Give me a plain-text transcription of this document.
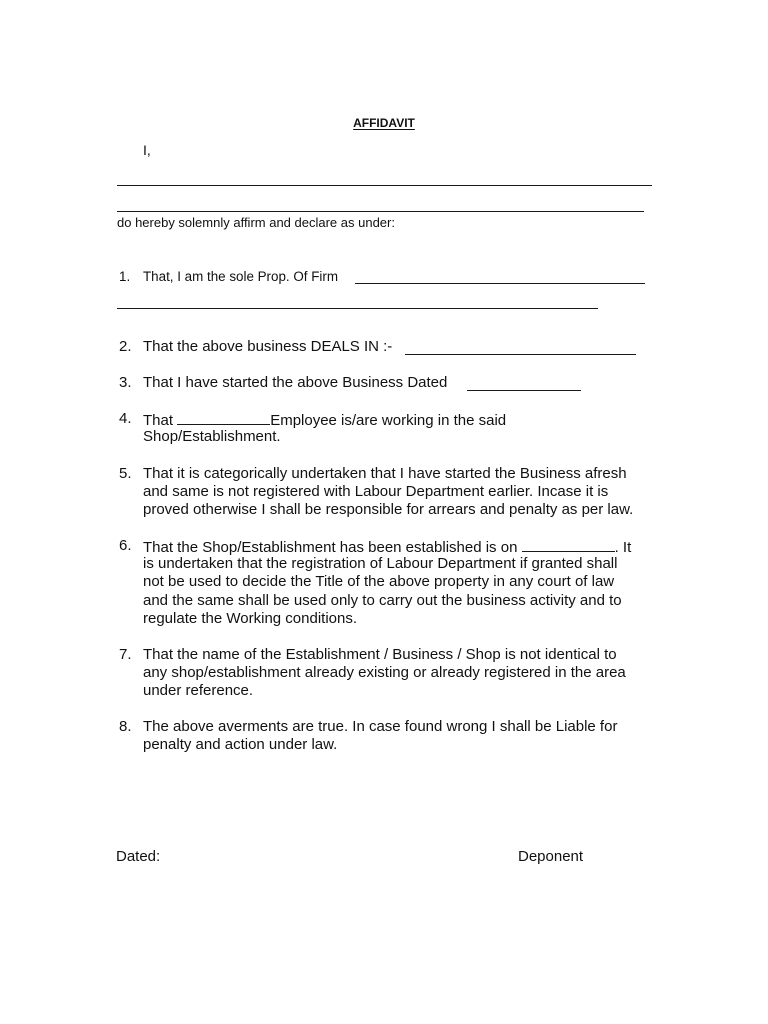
AFFIDAVIT
I,
do hereby solemnly affirm and declare as under:
1. That, I am the sole Prop. Of Firm
2. That the above business DEALS IN :-
3. That I have started the above Business Dated
4. That	Employee is/are working in the said
Shop/Establishment.
5. That it is categorically undertaken that I have started the Business afresh
and same is not registered with Labour Department earlier. Incase it is
proved otherwise I shall be responsible for arrears and penalty as per law.
6. That the Shop/Establishment has been established is on	. It
is undertaken that the registration of Labour Department if granted shall
not be used to decide the Title of the above property in any court of law
and the same shall be used only to carry out the business activity and to
regulate the Working conditions.
7. That the name of the Establishment / Business / Shop is not identical to
any shop/establishment already existing or already registered in the area
under reference.
8. The above averments are true. In case found wrong I shall be Liable for
penalty and action under law.
Dated:	Deponent
